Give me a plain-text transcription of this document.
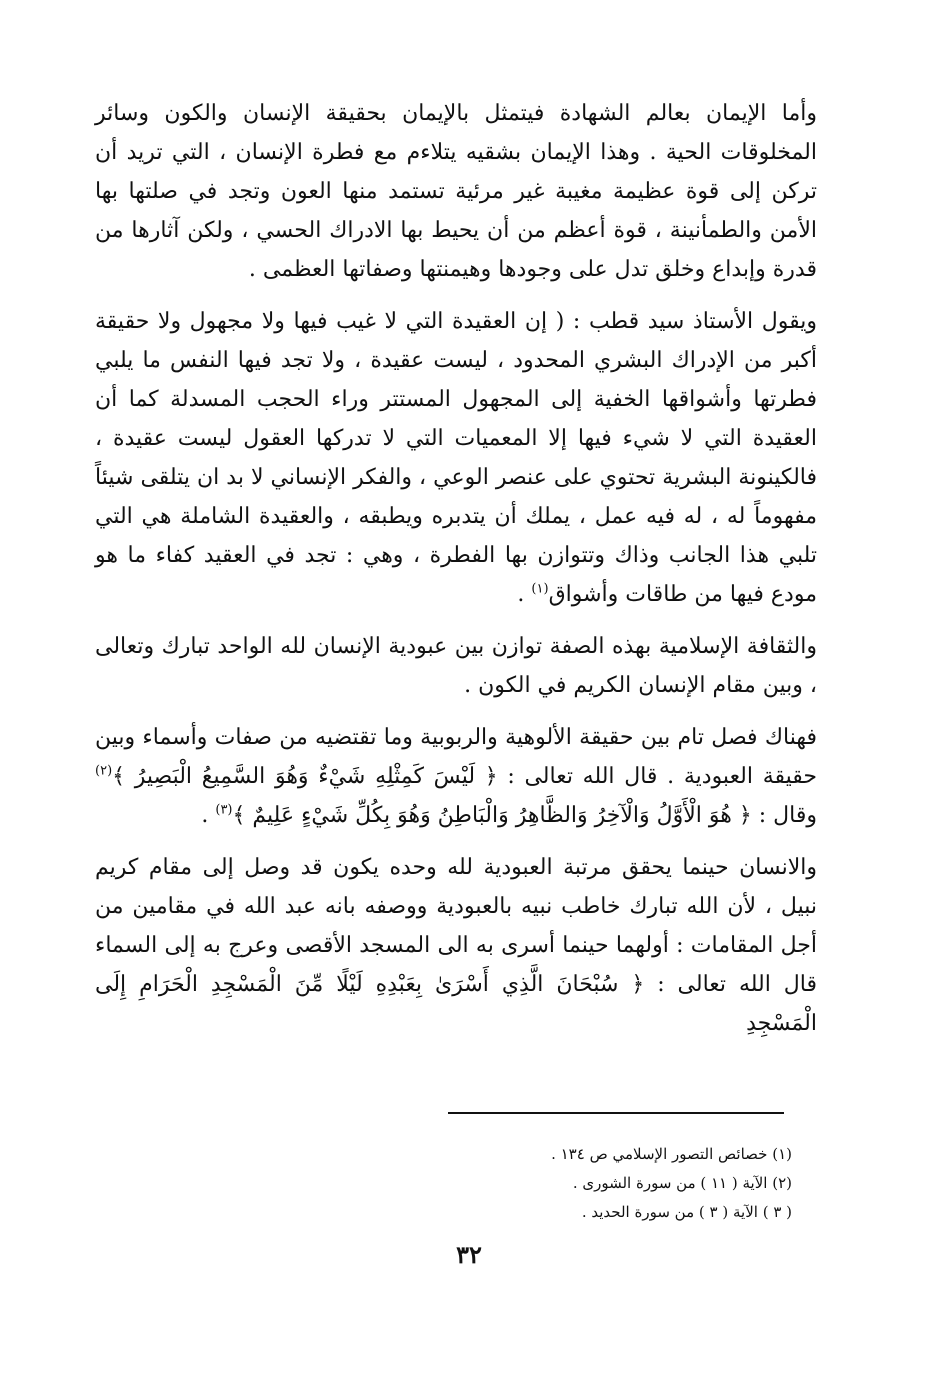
وأما الإيمان بعالم الشهادة فيتمثل بالإيمان بحقيقة الإنسان والكون وسائر المخلوقات الحية . وهذا الإيمان بشقيه يتلاءم مع فطرة الإنسان ، التي تريد أن تركن إلى قوة عظيمة مغيبة غير مرئية تستمد منها العون وتجد في صلتها بها الأمن والطمأنينة ، قوة أعظم من أن يحيط بها الادراك الحسي ، ولكن آثارها من قدرة وإبداع وخلق تدل على وجودها وهيمنتها وصفاتها العظمى .

ويقول الأستاذ سيد قطب : ( إن العقيدة التي لا غيب فيها ولا مجهول ولا حقيقة أكبر من الإدراك البشري المحدود ، ليست عقيدة ، ولا تجد فيها النفس ما يلبي فطرتها وأشواقها الخفية إلى المجهول المستتر وراء الحجب المسدلة كما أن العقيدة التي لا شيء فيها إلا المعميات التي لا تدركها العقول ليست عقيدة ، فالكينونة البشرية تحتوي على عنصر الوعي ، والفكر الإنساني لا بد ان يتلقى شيئاً مفهوماً له ، له فيه عمل ، يملك أن يتدبره ويطبقه ، والعقيدة الشاملة هي التي تلبي هذا الجانب وذاك وتتوازن بها الفطرة ، وهي : تجد في العقيد كفاء ما هو مودع فيها من طاقات وأشواق$^{(١)}$ .

والثقافة الإسلامية بهذه الصفة توازن بين عبودية الإنسان لله الواحد تبارك وتعالى ، وبين مقام الإنسان الكريم في الكون .

فهناك فصل تام بين حقيقة الألوهية والربوبية وما تقتضيه من صفات وأسماء وبين حقيقة العبودية . قال الله تعالى : ﴿ لَيْسَ كَمِثْلِهِ شَيْءٌ وَهُوَ السَّمِيعُ الْبَصِيرُ ﴾$^{(٢)}$ وقال : ﴿ هُوَ الْأَوَّلُ وَالْآخِرُ وَالظَّاهِرُ وَالْبَاطِنُ وَهُوَ بِكُلِّ شَيْءٍ عَلِيمٌ ﴾$^{(٣)}$ .

والانسان حينما يحقق مرتبة العبودية لله وحده يكون قد وصل إلى مقام كريم نبيل ، لأن الله تبارك خاطب نبيه بالعبودية ووصفه بانه عبد الله في مقامين من أجل المقامات : أولهما حينما أسرى به الى المسجد الأقصى وعرج به إلى السماء قال الله تعالى : ﴿ سُبْحَانَ الَّذِي أَسْرَىٰ بِعَبْدِهِ لَيْلًا مِّنَ الْمَسْجِدِ الْحَرَامِ إِلَى الْمَسْجِدِ

(١) خصائص التصور الإسلامي ص ١٣٤ .

(٢) الآية ( ١١ ) من سورة الشورى .

( ٣ ) الآية ( ٣ ) من سورة الحديد .

٣٢
